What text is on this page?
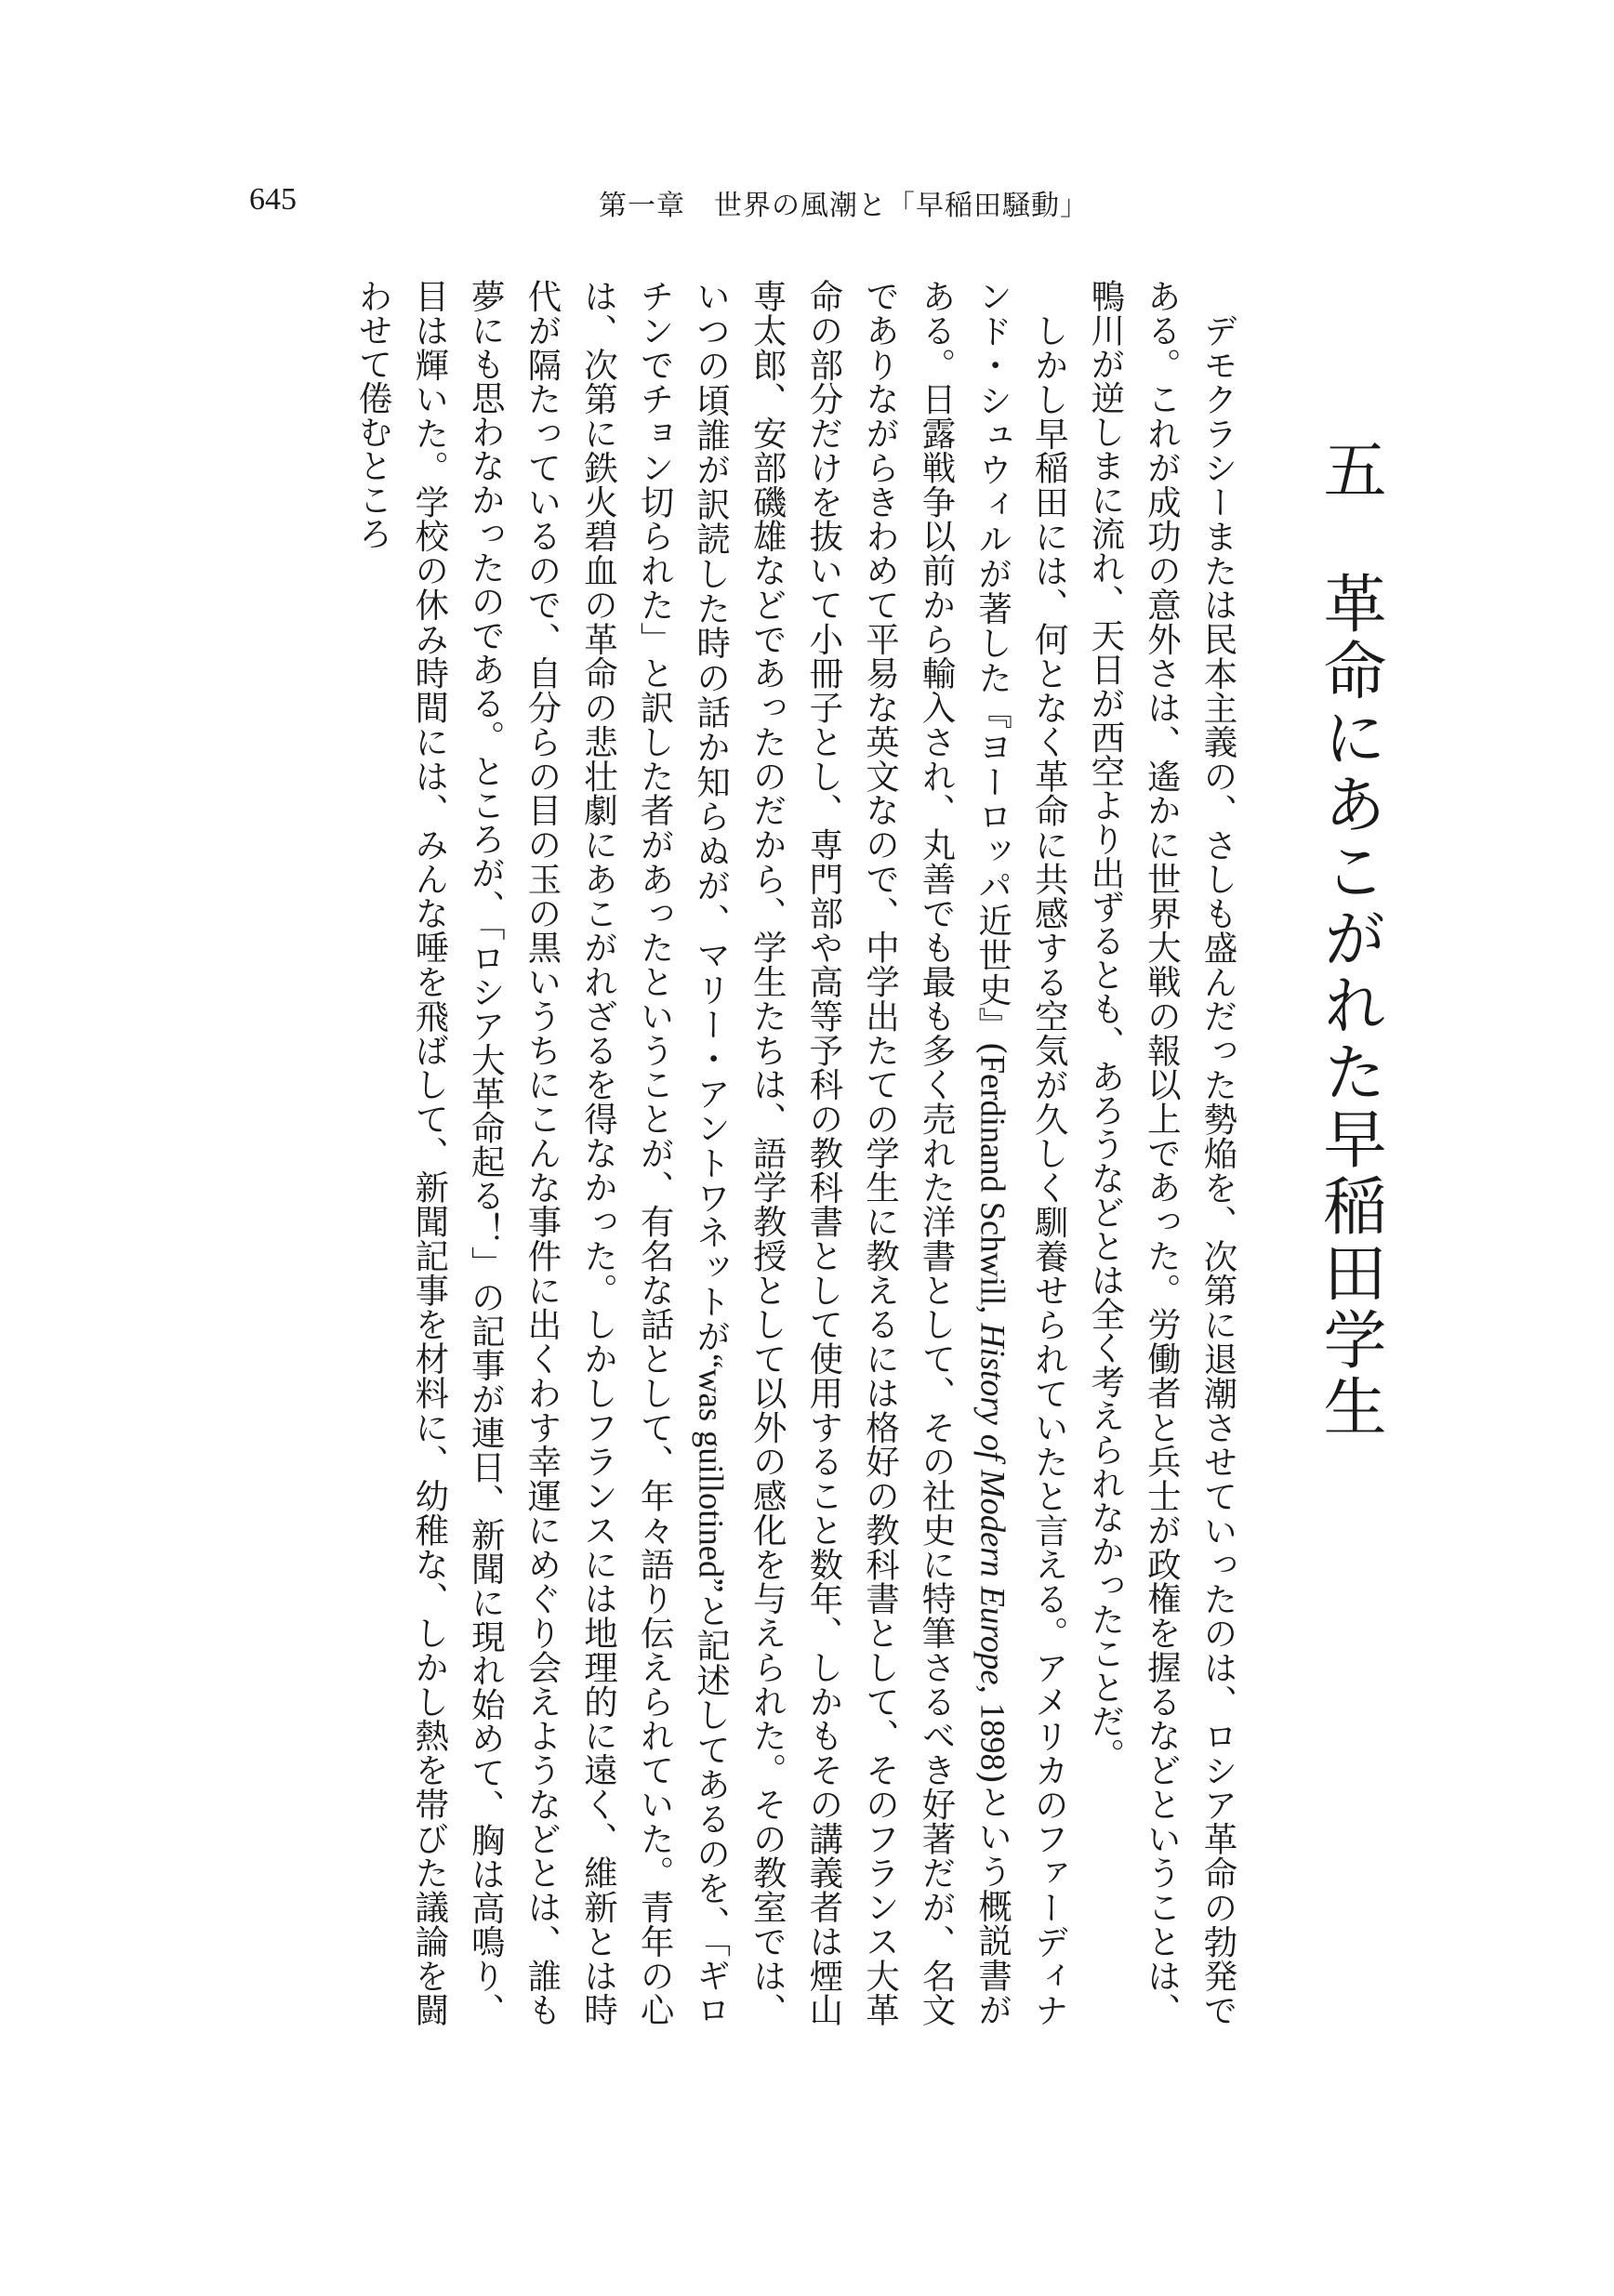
645	第一章　世界の風潮と「早稲田騒動」
五　革命にあこがれた早稲田学生

デモクラシーまたは民本主義の、さしも盛んだった勢焔を、次第に退潮させていったのは、ロシア革命の勃発である。これが成功の意外さは、遙かに世界大戦の報以上であった。労働者と兵士が政権を握るなどということは、鴨川が逆しまに流れ、天日が西空より出ずるとも、あろうなどとは全く考えられなかったことだ。

しかし早稲田には、何となく革命に共感する空気が久しく馴養せられていたと言える。アメリカのファーディナンド・シュウィルが著した『ヨーロッパ近世史』(Ferdinand Schwill, History of Modern Europe, 1898)という概説書がある。日露戦争以前から輸入され、丸善でも最も多く売れた洋書として、その社史に特筆さるべき好著だが、名文でありながらきわめて平易な英文なので、中学出たての学生に教えるには格好の教科書として、そのフランス大革命の部分だけを抜いて小冊子とし、専門部や高等予科の教科書として使用すること数年、しかもその講義者は煙山専太郎、安部磯雄などであったのだから、学生たちは、語学教授として以外の感化を与えられた。その教室では、いつの頃誰が訳読した時の話か知らぬが、マリー・アントワネットが“was guillotined”と記述してあるのを、「ギロチンでチョン切られた」と訳した者があったということが、有名な話として、年々語り伝えられていた。青年の心は、次第に鉄火碧血の革命の悲壮劇にあこがれざるを得なかった。しかしフランスには地理的に遠く、維新とは時代が隔たっているので、自分らの目の玉の黒いうちにこんな事件に出くわす幸運にめぐり会えようなどとは、誰も夢にも思わなかったのである。ところが、「ロシア大革命起る！」の記事が連日、新聞に現れ始めて、胸は高鳴り、目は輝いた。学校の休み時間には、みんな唾を飛ばして、新聞記事を材料に、幼稚な、しかし熱を帯びた議論を闘わせて倦むところ
